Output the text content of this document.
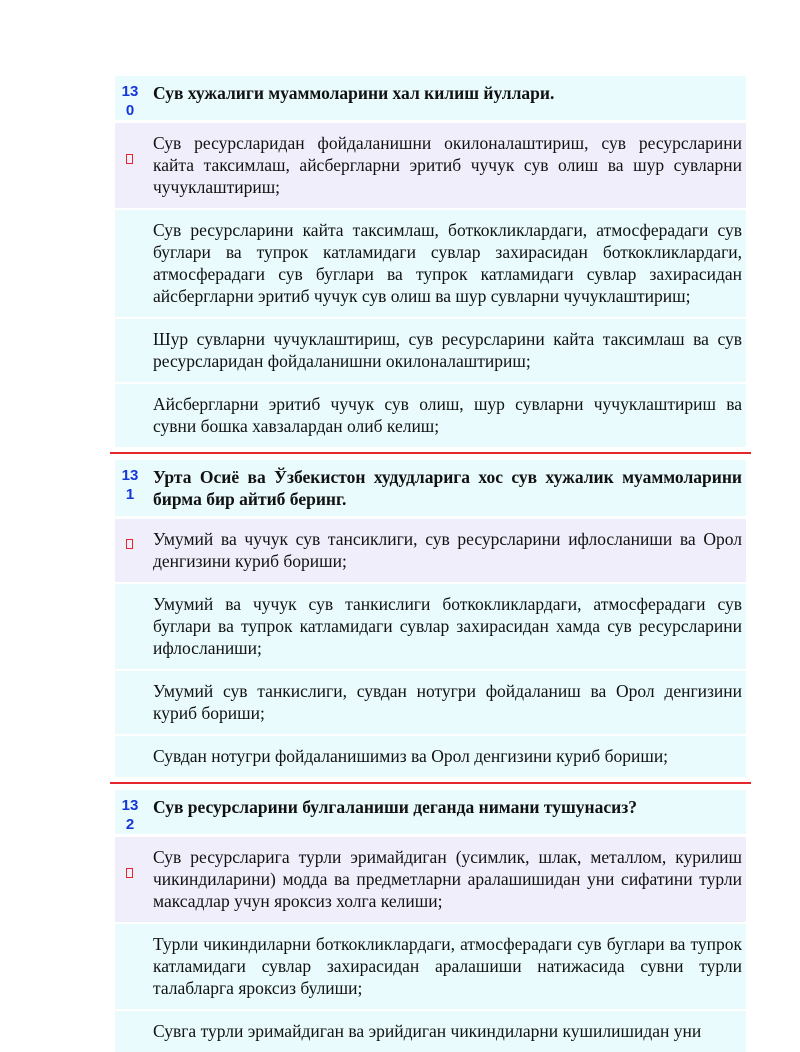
13
0
Сув хужалиги муаммоларини хал килиш йуллари.
Сув ресурсларидан фойдаланишни окилоналаштириш, сув ресурсларини кайта таксимлаш, айсбергларни эритиб чучук сув олиш ва шур сувларни чучуклаштириш;
Сув ресурсларини кайта таксимлаш, боткокликлардаги, атмосферадаги сув буглари ва тупрок катламидаги сувлар захирасидан боткокликлардаги, атмосферадаги сув буглари ва тупрок катламидаги сувлар захирасидан айсбергларни эритиб чучук сув олиш ва шур сувларни чучуклаштириш;
Шур сувларни чучуклаштириш, сув ресурсларини кайта таксимлаш ва сув ресурсларидан фойдаланишни окилоналаштириш;
Айсбергларни эритиб чучук сув олиш, шур сувларни чучуклаштириш ва сувни бошка хавзалардан олиб келиш;
13
1
Урта Осиё ва Ўзбекистон худудларига хос сув хужалик муаммоларини бирма бир айтиб беринг.
Умумий ва чучук сув тансиклиги, сув ресурсларини ифлосланиши ва Орол денгизини куриб бориши;
Умумий ва чучук сув танкислиги боткокликлардаги, атмосферадаги сув буглари ва тупрок катламидаги сувлар захирасидан хамда сув ресурсларини ифлосланиши;
Умумий сув танкислиги, сувдан нотугри фойдаланиш ва Орол денгизини куриб бориши;
Сувдан нотугри фойдаланишимиз ва Орол денгизини куриб бориши;
13
2
Сув ресурсларини булгаланиши деганда нимани тушунасиз?
Сув ресурсларига турли эримайдиган (усимлик, шлак, металлом, курилиш чикиндиларини) модда ва предметларни аралашишидан уни сифатини турли максадлар учун яроксиз холга келиши;
Турли чикиндиларни боткокликлардаги, атмосферадаги сув буглари ва тупрок катламидаги сувлар захирасидан аралашиши натижасида сувни турли талабларга яроксиз булиши;
Сувга турли эримайдиган ва эрийдиган чикиндиларни кушилишидан уни
